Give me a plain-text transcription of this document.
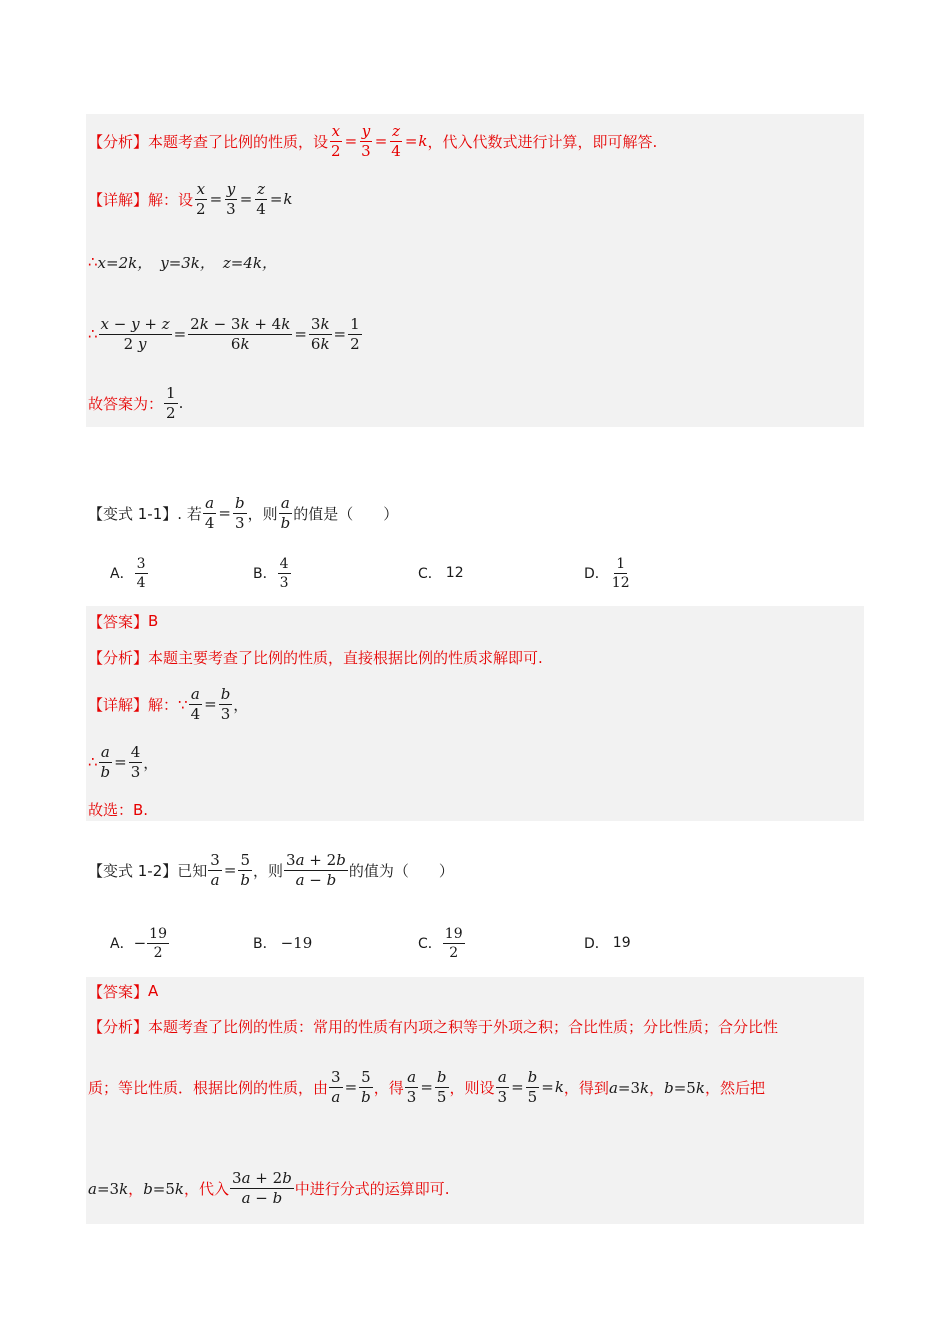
【分析】 本题考查了比例的性质，设 $\frac{x}{2} = \frac{y}{3} = \frac{z}{4} =k$ ，代入代数式进行计算，即可解答.
【详解】 解：设 $\frac{x}{2} = \frac{y}{3} = \frac{z}{4} =k$
∴ x=2k， y=3k， z=4k，
∴ $\frac{x - y + z}{2 y} = \frac{2k - 3k + 4k}{6k} = \frac{3k}{6k} = \frac{1}{2}$
故答案为： $\frac{1}{2}$ .
【变式 1-1】 . 若 $\frac{a}{4} = \frac{b}{3}$ ，则 $\frac{a}{b}$ 的值是（　　）
A． $\frac{3}{4}$	B． $\frac{4}{3}$	C． 12	D． $\frac{1}{12}$
【答案】 B
【分析】 本题主要考查了比例的性质，直接根据比例的性质求解即可.
【详解】 解：∵ $\frac{a}{4} = \frac{b}{3}$ ，
∴ $\frac{a}{b} = \frac{4}{3}$ ，
故选：B.
【变式 1-2】 已知 $\frac{3}{a} = \frac{5}{b}$ ，则 $\frac{3a + 2b}{a - b}$ 的值为（　　）
A． − $\frac{19}{2}$	B． −19	C． $\frac{19}{2}$	D． 19
【答案】 A
【分析】 本题考查了比例的性质：常用的性质有内项之积等于外项之积；合比性质；分比性质；合分比性
质；等比性质．根据比例的性质，由 $\frac{3}{a} = \frac{5}{b}$ ，得 $\frac{a}{3} = \frac{b}{5}$ ，则设 $\frac{a}{3} = \frac{b}{5} =k$ ，得到 a=3k，b=5k ，然后把
a=3k，b=5k ，代入 $\frac{3a + 2b}{a - b}$ 中进行分式的运算即可.
